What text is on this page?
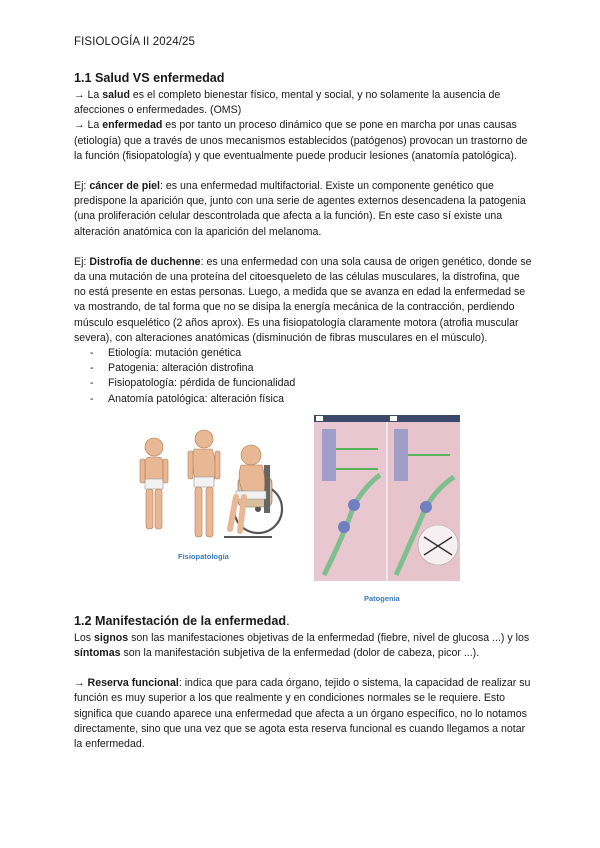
FISIOLOGÍA II 2024/25
1.1 Salud VS enfermedad

→ La salud es el completo bienestar físico, mental y social, y no solamente la ausencia de afecciones o enfermedades. (OMS)

→ La enfermedad es por tanto un proceso dinámico que se pone en marcha por unas causas (etiología) que a través de unos mecanismos establecidos (patógenos) provocan un trastorno de la función (fisiopatología) y que eventualmente puede producir lesiones (anatomía patológica).

Ej: cáncer de piel: es una enfermedad multifactorial. Existe un componente genético que predispone la aparición que, junto con una serie de agentes externos desencadena la patogenia (una proliferación celular descontrolada que afecta a la función). En este caso sí existe una alteración anatómica con la aparición del melanoma.

Ej: Distrofia de duchenne: es una enfermedad con una sola causa de origen genético, donde se da una mutación de una proteína del citoesqueleto de las células musculares, la distrofina, que no está presente en estas personas. Luego, a medida que se avanza en edad la enfermedad se va mostrando, de tal forma que no se disipa la energía mecánica de la contracción, perdiendo músculo esquelético (2 años aprox). Es una fisiopatología claramente motora (atrofia muscular severa), con alteraciones anatómicas (disminución de fibras musculares en el músculo).

- Etiología: mutación genética
- Patogenia: alteración distrofina
- Fisiopatología: pérdida de funcionalidad
- Anatomía patológica: alteración física
Fisiopatología
Patogenia
1.2 Manifestación de la enfermedad.

Los signos son las manifestaciones objetivas de la enfermedad (fiebre, nivel de glucosa ...) y los síntomas son la manifestación subjetiva de la enfermedad (dolor de cabeza, picor ...).

→ Reserva funcional: indica que para cada órgano, tejido o sistema, la capacidad de realizar su función es muy superior a los que realmente y en condiciones normales se le requiere. Esto significa que cuando aparece una enfermedad que afecta a un órgano específico, no lo notamos directamente, sino que una vez que se agota esta reserva funcional es cuando llegamos a notar la enfermedad.
